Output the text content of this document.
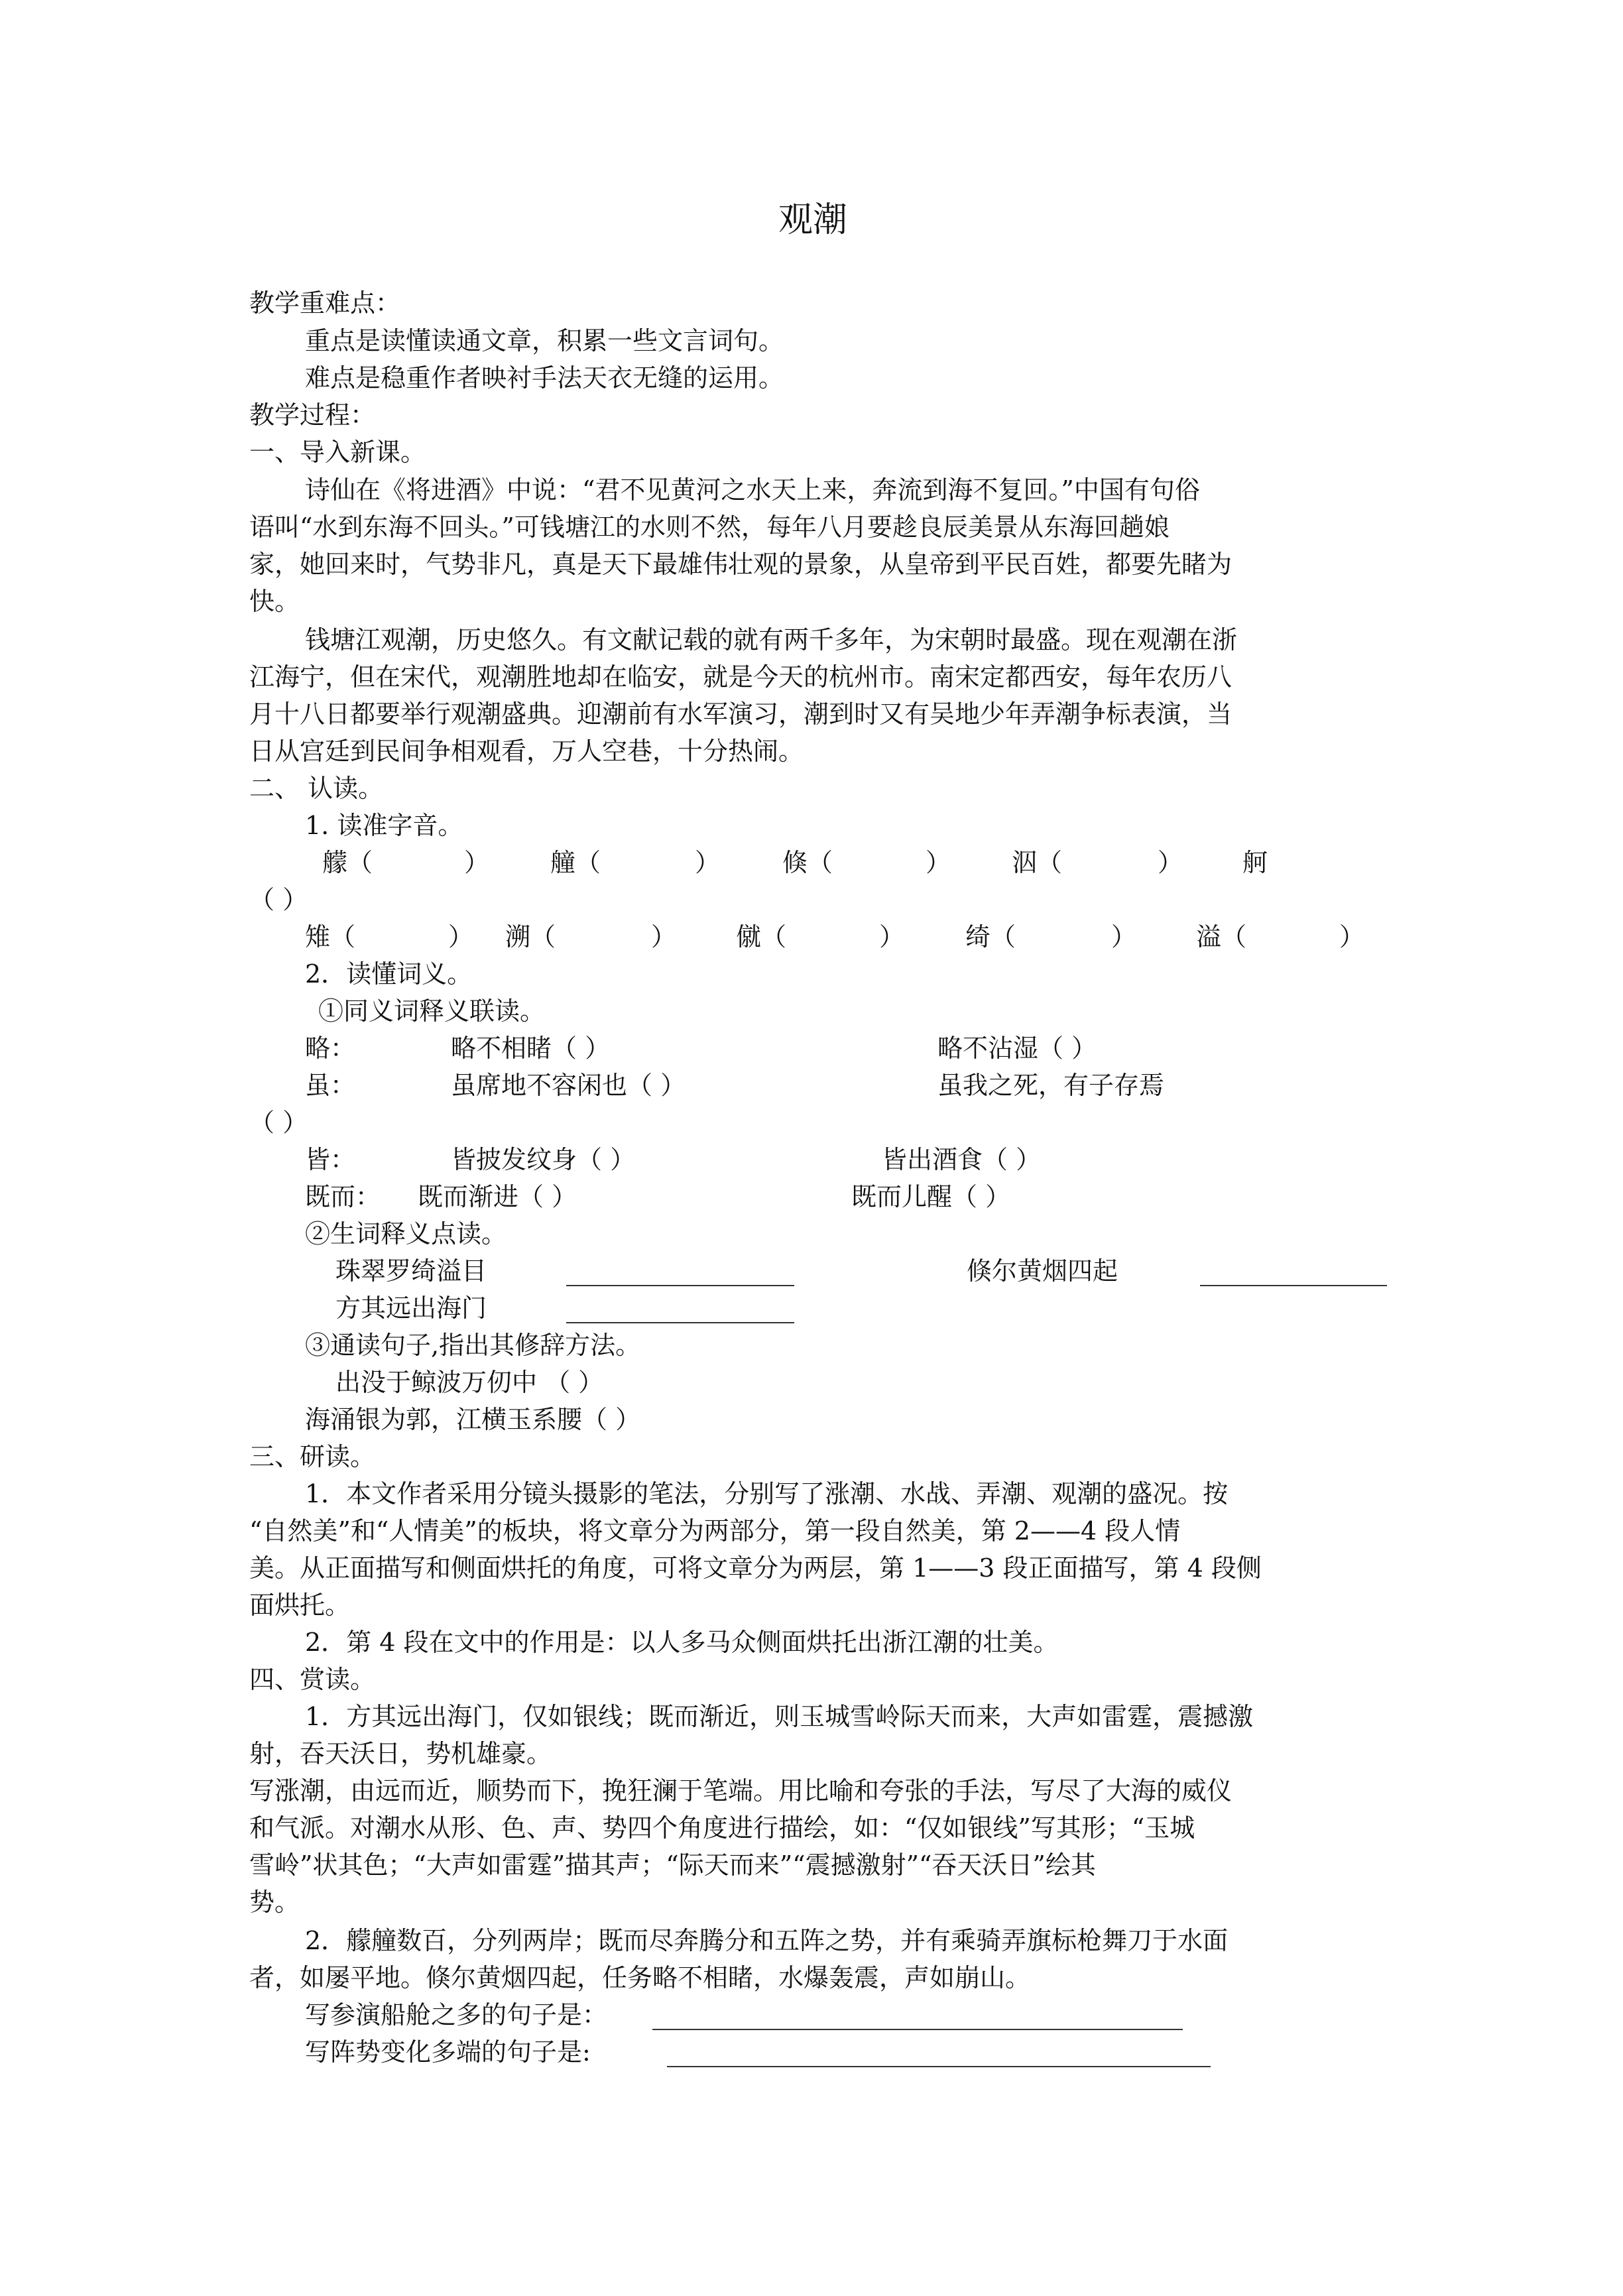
观潮
教学重难点：
重点是读懂读通文章，积累一些文言词句。
难点是稳重作者映衬手法天衣无缝的运用。
教学过程：
一、导入新课。
诗仙在《将进酒》中说：“君不见黄河之水天上来，奔流到海不复回。”中国有句俗
语叫“水到东海不回头。”可钱塘江的水则不然，每年八月要趁良辰美景从东海回趟娘
家，她回来时，气势非凡，真是天下最雄伟壮观的景象，从皇帝到平民百姓，都要先睹为
快。
钱塘江观潮，历史悠久。有文献记载的就有两千多年，为宋朝时最盛。现在观潮在浙
江海宁，但在宋代，观潮胜地却在临安，就是今天的杭州市。南宋定都西安，每年农历八
月十八日都要举行观潮盛典。迎潮前有水军演习，潮到时又有吴地少年弄潮争标表演，当
日从宫廷到民间争相观看，万人空巷，十分热闹。
二、 认读。
1. 读准字音。
艨（	） 艟（	） 倏（	） 泅（	） 舸
（ ）
雉（	） 溯（	） 僦（	） 绮（	） 溢（	）
2．读懂词义。
①同义词释义联读。
略：	略不相睹（ ）	略不沾湿（ ）
虽：	虽席地不容闲也（ ）	虽我之死，有子存焉
（ ）
皆：	皆披发纹身（ ）	皆出酒食（ ）
既而： 既而渐进（ ）	既而儿醒（ ）
②生词释义点读。
珠翠罗绮溢目	倏尔黄烟四起
方其远出海门
③通读句子,指出其修辞方法。
出没于鲸波万仞中 （ ）
海涌银为郭，江横玉系腰（ ）
三、研读。
1．本文作者采用分镜头摄影的笔法，分别写了涨潮、水战、弄潮、观潮的盛况。按
“自然美”和“人情美”的板块，将文章分为两部分，第一段自然美，第 2——4 段人情
美。从正面描写和侧面烘托的角度，可将文章分为两层，第 1——3 段正面描写，第 4 段侧
面烘托。
2．第 4 段在文中的作用是：以人多马众侧面烘托出浙江潮的壮美。
四、赏读。
1．方其远出海门，仅如银线；既而渐近，则玉城雪岭际天而来，大声如雷霆，震撼激
射，吞天沃日，势机雄豪。
写涨潮，由远而近，顺势而下，挽狂澜于笔端。用比喻和夸张的手法，写尽了大海的威仪
和气派。对潮水从形、色、声、势四个角度进行描绘，如：“仅如银线”写其形；“玉城
雪岭”状其色；“大声如雷霆”描其声；“际天而来”“震撼激射”“吞天沃日”绘其
势。
2．艨艟数百，分列两岸；既而尽奔腾分和五阵之势，并有乘骑弄旗标枪舞刀于水面
者，如屡平地。倏尔黄烟四起，任务略不相睹，水爆轰震，声如崩山。
写参演船舱之多的句子是：
写阵势变化多端的句子是:
